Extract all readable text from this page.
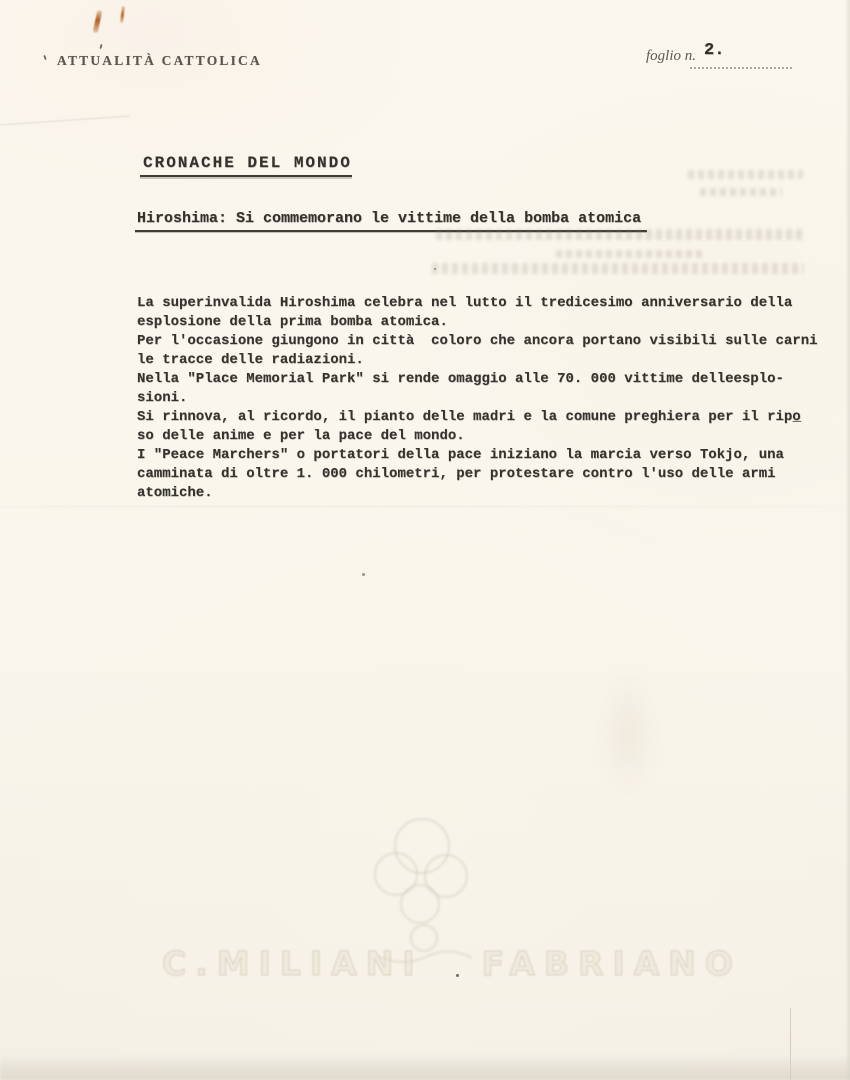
ATTUALITÀ CATTOLICA	foglio n. 2.
CRONACHE DEL MONDO
Hiroshima: Si commemorano le vittime della bomba atomica
La superinvalida Hiroshima celebra nel lutto il tredicesimo anniversario della
esplosione della prima bomba atomica.
Per l'occasione giungono in città  coloro che ancora portano visibili sulle carni
le tracce delle radiazioni.
Nella "Place Memorial Park" si rende omaggio alle 70. 000 vittime delleesplo-
sioni.
Si rinnova, al ricordo, il pianto delle madri e la comune preghiera per il ripo̲
so delle anime e per la pace del mondo.
I "Peace Marchers" o portatori della pace iniziano la marcia verso Tokjo, una
camminata di oltre 1. 000 chilometri, per protestare contro l'uso delle armi
atomiche.
C.MILIANI FABRIANO
